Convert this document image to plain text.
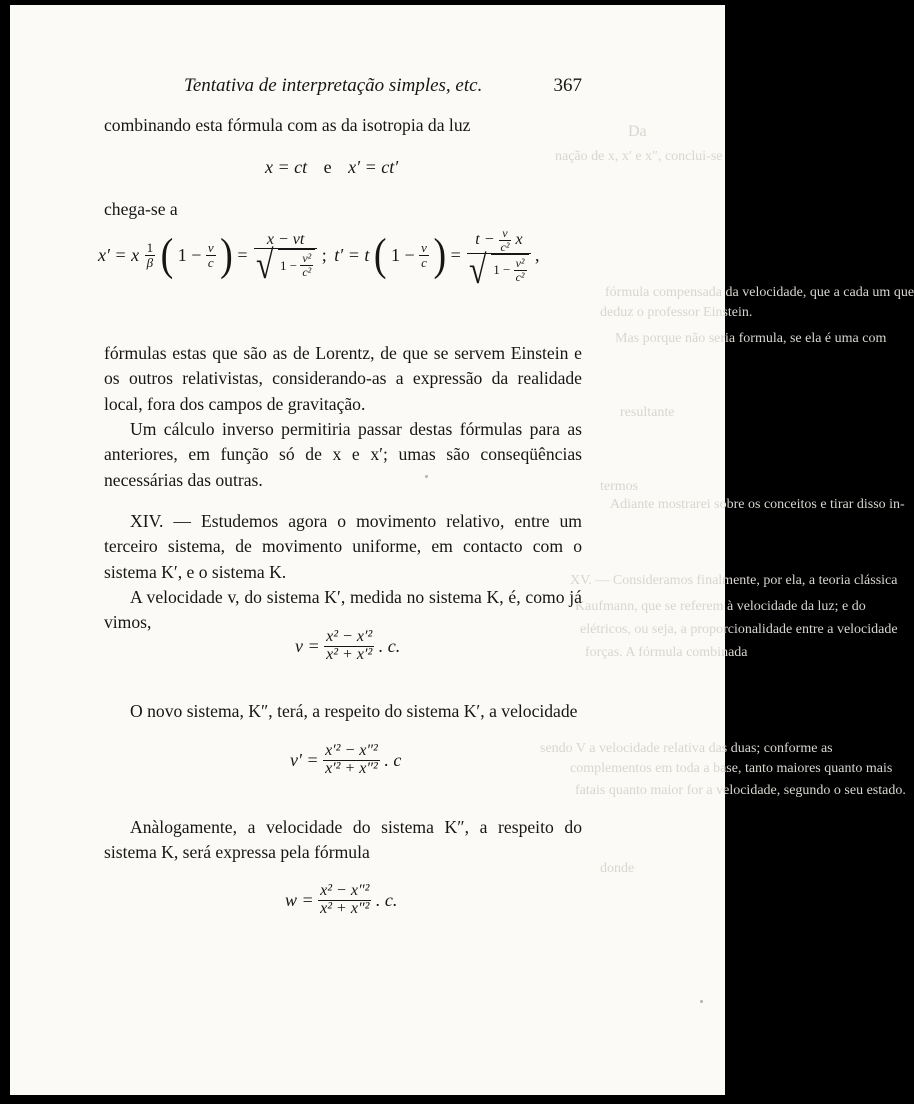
Da
nação de x, x′ e x″, conclui-se
fórmula compensada da velocidade, que a cada um que
deduz o professor Einstein.
Mas porque não seria formula, se ela é uma com
resultante
termos
Adiante mostrarei sobre os conceitos e tirar disso in-
XV. — Consideramos finalmente, por ela, a teoria clássica
Kaufmann, que se referem à velocidade da luz; e do
elétricos, ou seja, a proporcionalidade entre a velocidade
forças. A fórmula combinada
sendo V a velocidade relativa das duas; conforme as
complementos em toda a base, tanto maiores quanto mais
fatais quanto maior for a velocidade, segundo o seu estado.
donde
Tentativa de interpretação simples, etc.	367
combinando esta fórmula com as da isotropia da luz
x = ct e x′ = ct′
chega-se a
x′ = x $\frac{1}{\beta}$ ( $1 - \frac{v}{c}$ ) =
x − vt
√ $1 - \frac{\text{v²}}{\text{c²}}$ ; t′ = t ( $1 - \frac{v}{c}$ ) =
$t - \frac{v}{\text{c²}}$ x
√ $1 - \frac{\text{v²}}{\text{c²}}$
,
fórmulas estas que são as de Lorentz, de que se servem Einstein e os outros relativistas, considerando-as a expressão da realidade local, fora dos campos de gravitação.
Um cálculo inverso permitiria passar destas fórmulas para as anteriores, em função só de x e x′; umas são conseqüências necessárias das outras.
XIV. — Estudemos agora o movimento relativo, entre um terceiro sistema, de movimento uniforme, em contacto com o sistema K′, e o sistema K.
A velocidade v, do sistema K′, medida no sistema K, é, como já vimos,
$v = \frac{\text{x² − x′²}}{\text{x² + x′²}}$ . c.
O novo sistema, K″, terá, a respeito do sistema K′, a velocidade
$v' = \frac{\text{x′² − x″²}}{\text{x′² + x″²}}$ . c
Anàlogamente, a velocidade do sistema K″, a respeito do sistema K, será expressa pela fórmula
$w = \frac{\text{x² − x″²}}{\text{x² + x″²}}$ . c.
